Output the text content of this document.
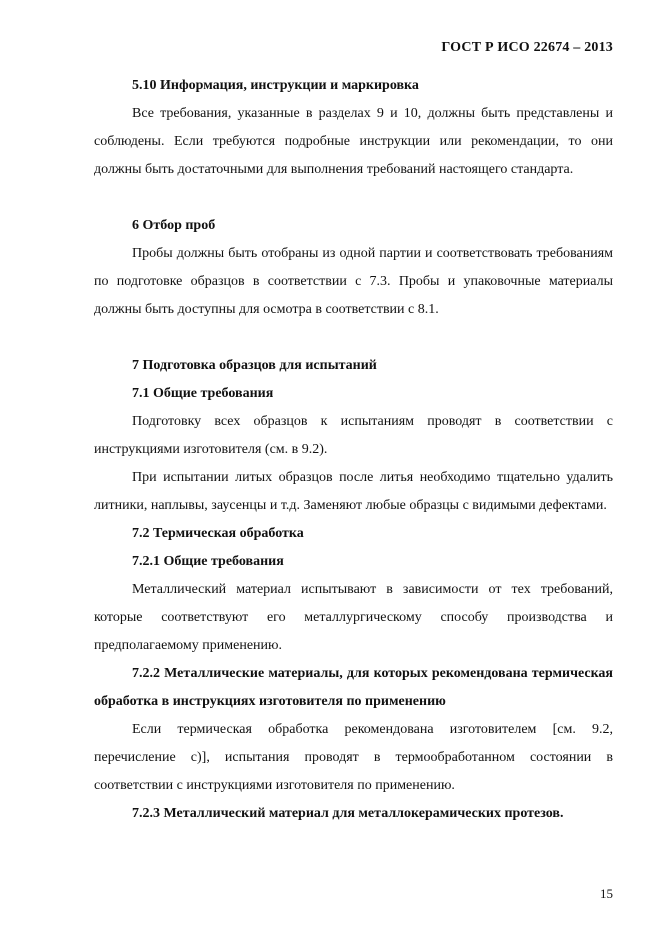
ГОСТ Р ИСО 22674 – 2013

5.10 Информация, инструкции и маркировка

Все требования, указанные в разделах 9 и 10, должны быть представлены и соблюдены. Если требуются подробные инструкции или рекомендации, то они должны быть достаточными для выполнения требований настоящего стандарта.

6 Отбор проб

Пробы должны быть отобраны из одной партии и соответствовать требованиям по подготовке образцов в соответствии с 7.3. Пробы и упаковочные материалы должны быть доступны для осмотра в соответствии с 8.1.

7 Подготовка образцов для испытаний

7.1 Общие требования

Подготовку всех образцов к испытаниям проводят в соответствии с инструкциями изготовителя (см. в 9.2).

При испытании литых образцов после литья необходимо тщательно удалить литники, наплывы, заусенцы и т.д. Заменяют любые образцы с видимыми дефектами.

7.2 Термическая обработка

7.2.1 Общие требования

Металлический материал испытывают в зависимости от тех требований, которые соответствуют его металлургическому способу производства и предполагаемому применению.

7.2.2 Металлические материалы, для которых рекомендована термическая обработка в инструкциях изготовителя по применению

Если термическая обработка рекомендована изготовителем [см. 9.2, перечисление с)], испытания проводят в термообработанном состоянии в соответствии с инструкциями изготовителя по применению.

7.2.3 Металлический материал для металлокерамических протезов.

15
